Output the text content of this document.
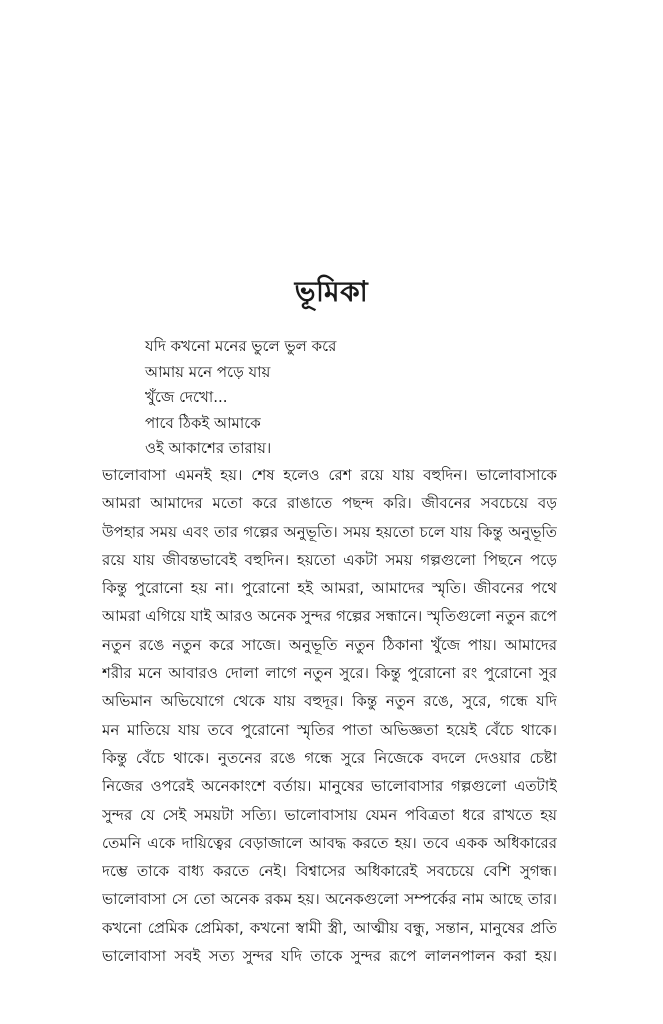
ভূমিকা
যদি কখনো মনের ভুলে ভুল করে
আমায় মনে পড়ে যায়
খুঁজে দেখো...
পাবে ঠিকই আমাকে
ওই আকাশের তারায়।
ভালোবাসা এমনই হয়। শেষ হলেও রেশ রয়ে যায় বহুদিন। ভালোবাসাকে
আমরা আমাদের মতো করে রাঙাতে পছন্দ করি। জীবনের সবচেয়ে বড়
উপহার সময় এবং তার গল্পের অনুভূতি। সময় হয়তো চলে যায় কিন্তু অনুভূতি
রয়ে যায় জীবন্তভাবেই বহুদিন। হয়তো একটা সময় গল্পগুলো পিছনে পড়ে
কিন্তু পুরোনো হয় না। পুরোনো হই আমরা, আমাদের স্মৃতি। জীবনের পথে
আমরা এগিয়ে যাই আরও অনেক সুন্দর গল্পের সন্ধানে। স্মৃতিগুলো নতুন রূপে
নতুন রঙে নতুন করে সাজে। অনুভূতি নতুন ঠিকানা খুঁজে পায়। আমাদের
শরীর মনে আবারও দোলা লাগে নতুন সুরে। কিন্তু পুরোনো রং পুরোনো সুর
অভিমান অভিযোগে থেকে যায় বহুদূর। কিন্তু নতুন রঙে, সুরে, গন্ধে যদি
মন মাতিয়ে যায় তবে পুরোনো স্মৃতির পাতা অভিজ্ঞতা হয়েই বেঁচে থাকে।
কিন্তু বেঁচে থাকে। নুতনের রঙে গন্ধে সুরে নিজেকে বদলে দেওয়ার চেষ্টা
নিজের ওপরেই অনেকাংশে বর্তায়। মানুষের ভালোবাসার গল্পগুলো এতটাই
সুন্দর যে সেই সময়টা সত্যি। ভালোবাসায় যেমন পবিত্রতা ধরে রাখতে হয়
তেমনি একে দায়িত্বের বেড়াজালে আবদ্ধ করতে হয়। তবে একক অধিকারের
দম্ভে তাকে বাধ্য করতে নেই। বিশ্বাসের অধিকারেই সবচেয়ে বেশি সুগন্ধ।
ভালোবাসা সে তো অনেক রকম হয়। অনেকগুলো সম্পর্কের নাম আছে তার।
কখনো প্রেমিক প্রেমিকা, কখনো স্বামী স্ত্রী, আত্মীয় বন্ধু, সন্তান, মানুষের প্রতি
ভালোবাসা সবই সত্য সুন্দর যদি তাকে সুন্দর রূপে লালনপালন করা হয়।
